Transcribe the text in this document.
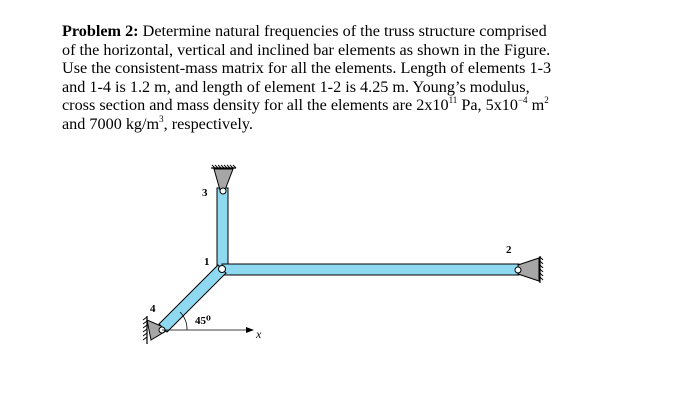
Problem 2: Determine natural frequencies of the truss structure comprised

of the horizontal, vertical and inclined bar elements as shown in the Figure.

Use the consistent-mass matrix for all the elements. Length of elements 1-3

and 1-4 is 1.2 m, and length of element 1-2 is 4.25 m. Young’s modulus,

cross section and mass density for all the elements are $2x10^{11}$ Pa, $5x10^{-4}$ $m^2$

and 7000 $kg/m^3$, respectively.

3
1
2
4
45⁰
x
